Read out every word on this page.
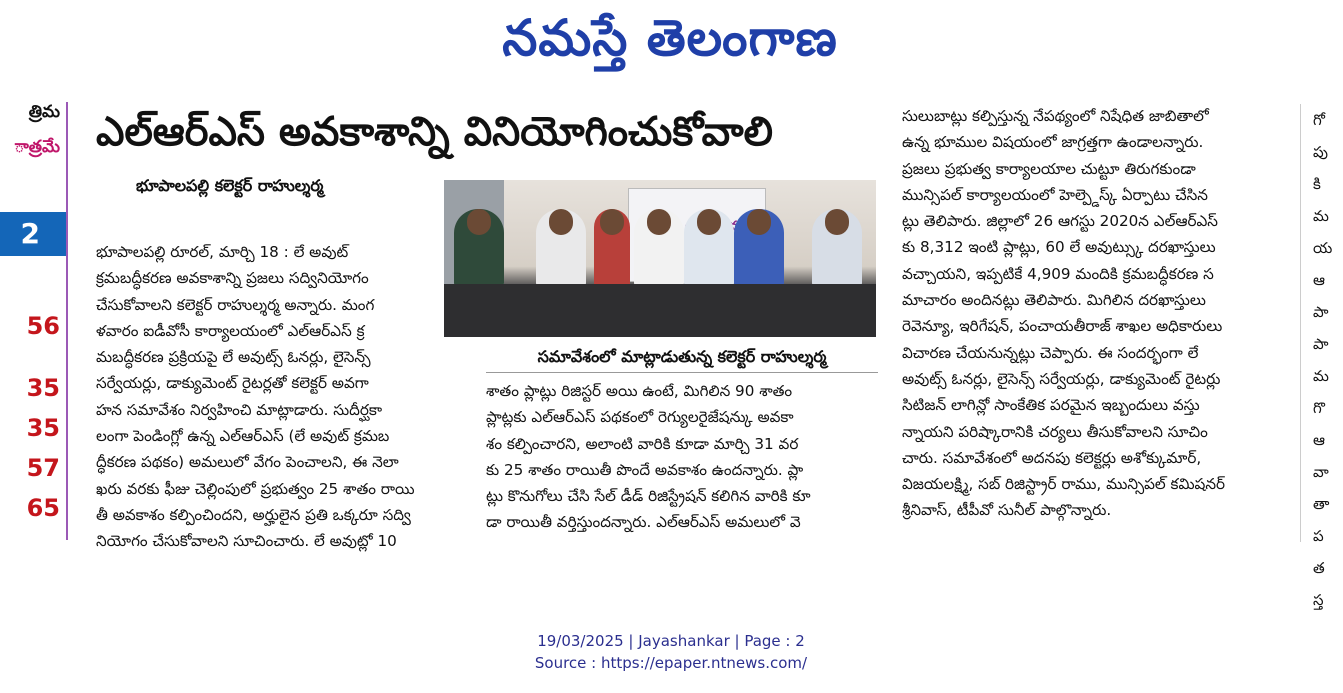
నమస్తే తెలంగాణ
త్రిమ
ాత్రమే
2
56
35
35
57
65
గో
పు
కి
మ
య
ఆ
పా
పా
మ
గొ
ఆ
వా
తా
ప
త
స్త
ఎల్ఆర్ఎస్ అవకాశాన్ని వినియోగించుకోవాలి
భూపాలపల్లి కలెక్టర్ రాహుల్శర్మ

భూపాలపల్లి రూరల్, మార్చి 18 : లే అవుట్

క్రమబద్ధీకరణ అవకాశాన్ని ప్రజలు సద్వినియోగం

చేసుకోవాలని కలెక్టర్ రాహుల్శర్మ అన్నారు. మంగ

ళవారం ఐడీవోసీ కార్యాలయంలో ఎల్ఆర్ఎస్ క్ర

మబద్ధీకరణ ప్రక్రియపై లే అవుట్స్ ఓనర్లు, లైసెన్స్

సర్వేయర్లు, డాక్యుమెంట్ రైటర్లతో కలెక్టర్ అవగా

హన సమావేశం నిర్వహించి మాట్లాడారు. సుదీర్ఘకా

లంగా పెండింగ్లో ఉన్న ఎల్ఆర్ఎస్ (లే అవుట్ క్రమబ

ద్ధీకరణ పథకం) అమలులో వేగం పెంచాలని, ఈ నెలా

ఖరు వరకు ఫీజు చెల్లింపులో ప్రభుత్వం 25 శాతం రాయి

తీ అవకాశం కల్పించిందని, అర్హులైన ప్రతి ఒక్కరూ సద్వి

నియోగం చేసుకోవాలని సూచించారు. లే అవుట్లో 10

సమావేశంలో మాట్లాడుతున్న కలెక్టర్ రాహుల్శర్మ

శాతం ప్లాట్లు రిజిస్టర్ అయి ఉంటే, మిగిలిన 90 శాతం

ప్లాట్లకు ఎల్ఆర్ఎస్ పథకంలో రెగ్యులరైజేషన్కు అవకా

శం కల్పించారని, అలాంటి వారికి కూడా మార్చి 31 వర

కు 25 శాతం రాయితీ పొందే అవకాశం ఉందన్నారు. ప్లా

ట్లు కొనుగోలు చేసి సేల్ డీడ్ రిజిస్ట్రేషన్ కలిగిన వారికి కూ

డా రాయితీ వర్తిస్తుందన్నారు. ఎల్ఆర్ఎస్ అమలులో వె

సులుబాట్లు కల్పిస్తున్న నేపథ్యంలో నిషేధిత జాబితాలో

ఉన్న భూముల విషయంలో జాగ్రత్తగా ఉండాలన్నారు.

ప్రజలు ప్రభుత్వ కార్యాలయాల చుట్టూ తిరుగకుండా

మున్సిపల్ కార్యాలయంలో హెల్ప్డెస్క్ ఏర్పాటు చేసిన

ట్లు తెలిపారు. జిల్లాలో 26 ఆగస్టు 2020న ఎల్ఆర్ఎస్

కు 8,312 ఇంటి ప్లాట్లు, 60 లే అవుట్స్కు దరఖాస్తులు

వచ్చాయని, ఇప్పటికే 4,909 మందికి క్రమబద్ధీకరణ స

మాచారం అందినట్లు తెలిపారు. మిగిలిన దరఖాస్తులు

రెవెన్యూ, ఇరిగేషన్, పంచాయతీరాజ్ శాఖల అధికారులు

విచారణ చేయనున్నట్లు చెప్పారు. ఈ సందర్భంగా లే

అవుట్స్ ఓనర్లు, లైసెన్స్ సర్వేయర్లు, డాక్యుమెంట్ రైటర్లు

సిటిజన్ లాగిన్లో సాంకేతిక పరమైన ఇబ్బందులు వస్తు

న్నాయని పరిష్కారానికి చర్యలు తీసుకోవాలని సూచిం

చారు. సమావేశంలో అదనపు కలెక్టర్లు అశోక్కుమార్,

విజయలక్ష్మి, సబ్ రిజిస్ట్రార్ రాము, మున్సిపల్ కమిషనర్

శ్రీనివాస్, టీపీవో సునీల్ పాల్గొన్నారు.

19/03/2025 | Jayashankar | Page : 2
Source : https://epaper.ntnews.com/
